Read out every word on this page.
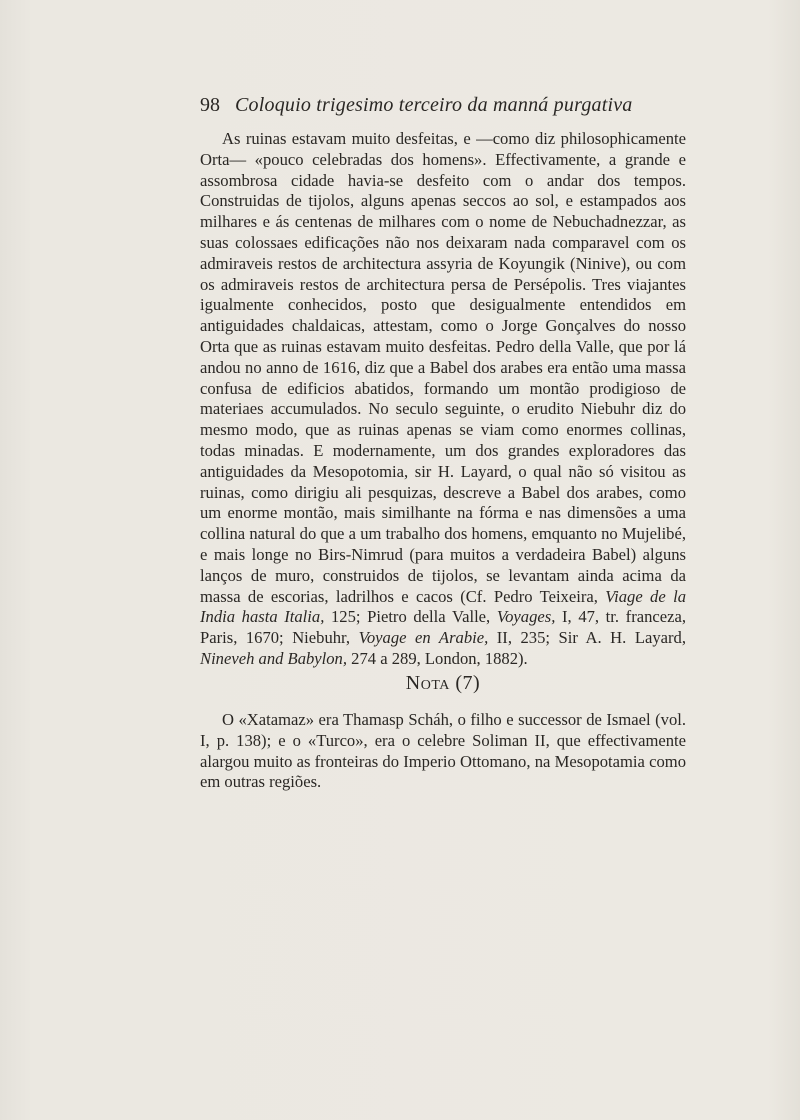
98 Coloquio trigesimo terceiro da manná purgativa

As ruinas estavam muito desfeitas, e —como diz philosophicamente Orta— «pouco celebradas dos homens». Effectivamente, a grande e assombrosa cidade havia-se desfeito com o andar dos tempos. Construidas de tijolos, alguns apenas seccos ao sol, e estampados aos milhares e ás centenas de milhares com o nome de Nebuchadnezzar, as suas colossaes edificações não nos deixaram nada comparavel com os admiraveis restos de architectura assyria de Koyungik (Ninive), ou com os admiraveis restos de architectura persa de Persépolis. Tres viajantes igualmente conhecidos, posto que desigualmente entendidos em antiguidades chaldaicas, attestam, como o Jorge Gonçalves do nosso Orta que as ruinas estavam muito desfeitas. Pedro della Valle, que por lá andou no anno de 1616, diz que a Babel dos arabes era então uma massa confusa de edificios abatidos, formando um montão prodigioso de materiaes accumulados. No seculo seguinte, o erudito Niebuhr diz do mesmo modo, que as ruinas apenas se viam como enormes collinas, todas minadas. E modernamente, um dos grandes exploradores das antiguidades da Mesopotomia, sir H. Layard, o qual não só visitou as ruinas, como dirigiu ali pesquizas, descreve a Babel dos arabes, como um enorme montão, mais similhante na fórma e nas dimensões a uma collina natural do que a um trabalho dos homens, emquanto no Mujelibé, e mais longe no Birs-Nimrud (para muitos a verdadeira Babel) alguns lanços de muro, construidos de tijolos, se levantam ainda acima da massa de escorias, ladrilhos e cacos (Cf. Pedro Teixeira, Viage de la India hasta Italia, 125; Pietro della Valle, Voyages, I, 47, tr. franceza, Paris, 1670; Niebuhr, Voyage en Arabie, II, 235; Sir A. H. Layard, Nineveh and Babylon, 274 a 289, London, 1882).

Nota (7)

O «Xatamaz» era Thamasp Scháh, o filho e successor de Ismael (vol. I, p. 138); e o «Turco», era o celebre Soliman II, que effectivamente alargou muito as fronteiras do Imperio Ottomano, na Mesopotamia como em outras regiões.
